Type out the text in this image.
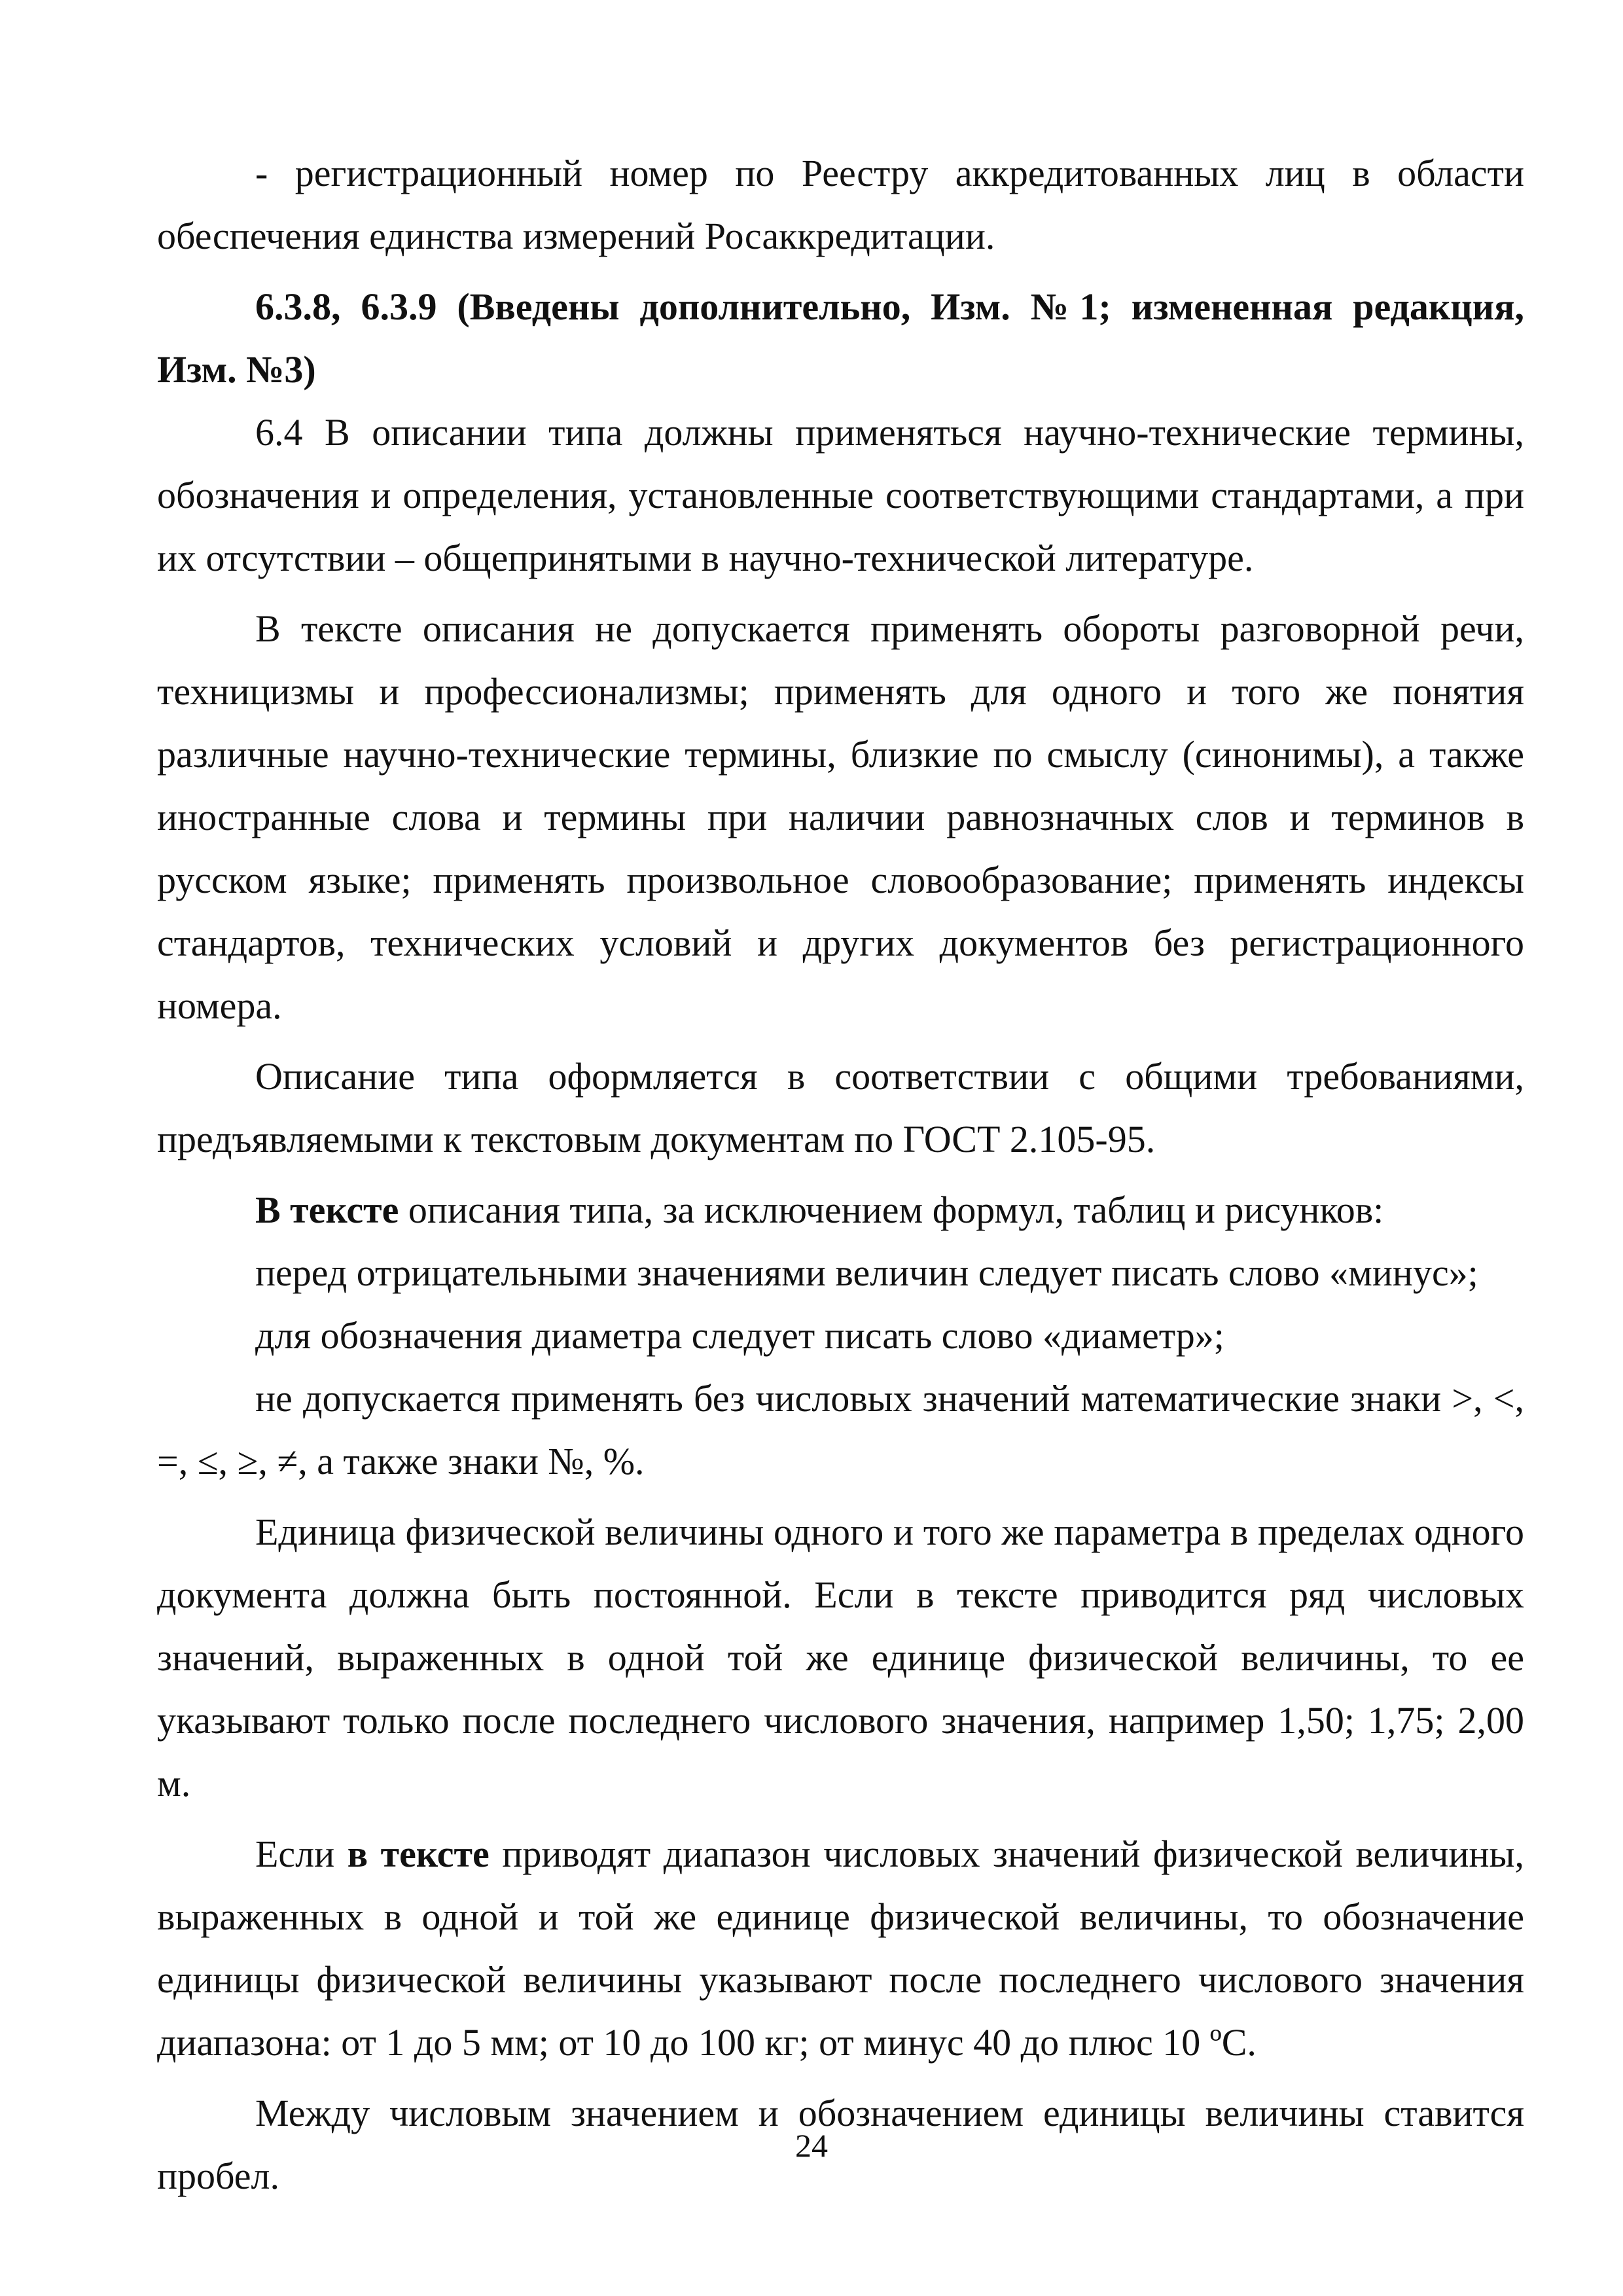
- регистрационный номер по Реестру аккредитованных лиц в области обеспечения единства измерений Росаккредитации.

6.3.8, 6.3.9 (Введены дополнительно, Изм. №1; измененная редакция, Изм. №3)

6.4 В описании типа должны применяться научно-технические термины, обозначения и определения, установленные соответствующими стандартами, а при их отсутствии – общепринятыми в научно-технической литературе.

В тексте описания не допускается применять обороты разговорной речи, техницизмы и профессионализмы; применять для одного и того же понятия различные научно-технические термины, близкие по смыслу (синонимы), а также иностранные слова и термины при наличии равнозначных слов и терминов в русском языке; применять произвольное словообразование; применять индексы стандартов, технических условий и других документов без регистрационного номера.

Описание типа оформляется в соответствии с общими требованиями, предъявляемыми к текстовым документам по ГОСТ 2.105-95.

В тексте описания типа, за исключением формул, таблиц и рисунков:

перед отрицательными значениями величин следует писать слово «минус»;

для обозначения диаметра следует писать слово «диаметр»;

не допускается применять без числовых значений математические знаки >, <, =, ≤, ≥, ≠, а также знаки №, %.

Единица физической величины одного и того же параметра в пределах одного документа должна быть постоянной. Если в тексте приводится ряд числовых значений, выраженных в одной той же единице физической величины, то ее указывают только после последнего числового значения, например 1,50; 1,75; 2,00 м.

Если в тексте приводят диапазон числовых значений физической величины, выраженных в одной и той же единице физической величины, то обозначение единицы физической величины указывают после последнего числового значения диапазона: от 1 до 5 мм; от 10 до 100 кг; от минус 40 до плюс 10 ºС.

Между числовым значением и обозначением единицы величины ставится пробел.

24
